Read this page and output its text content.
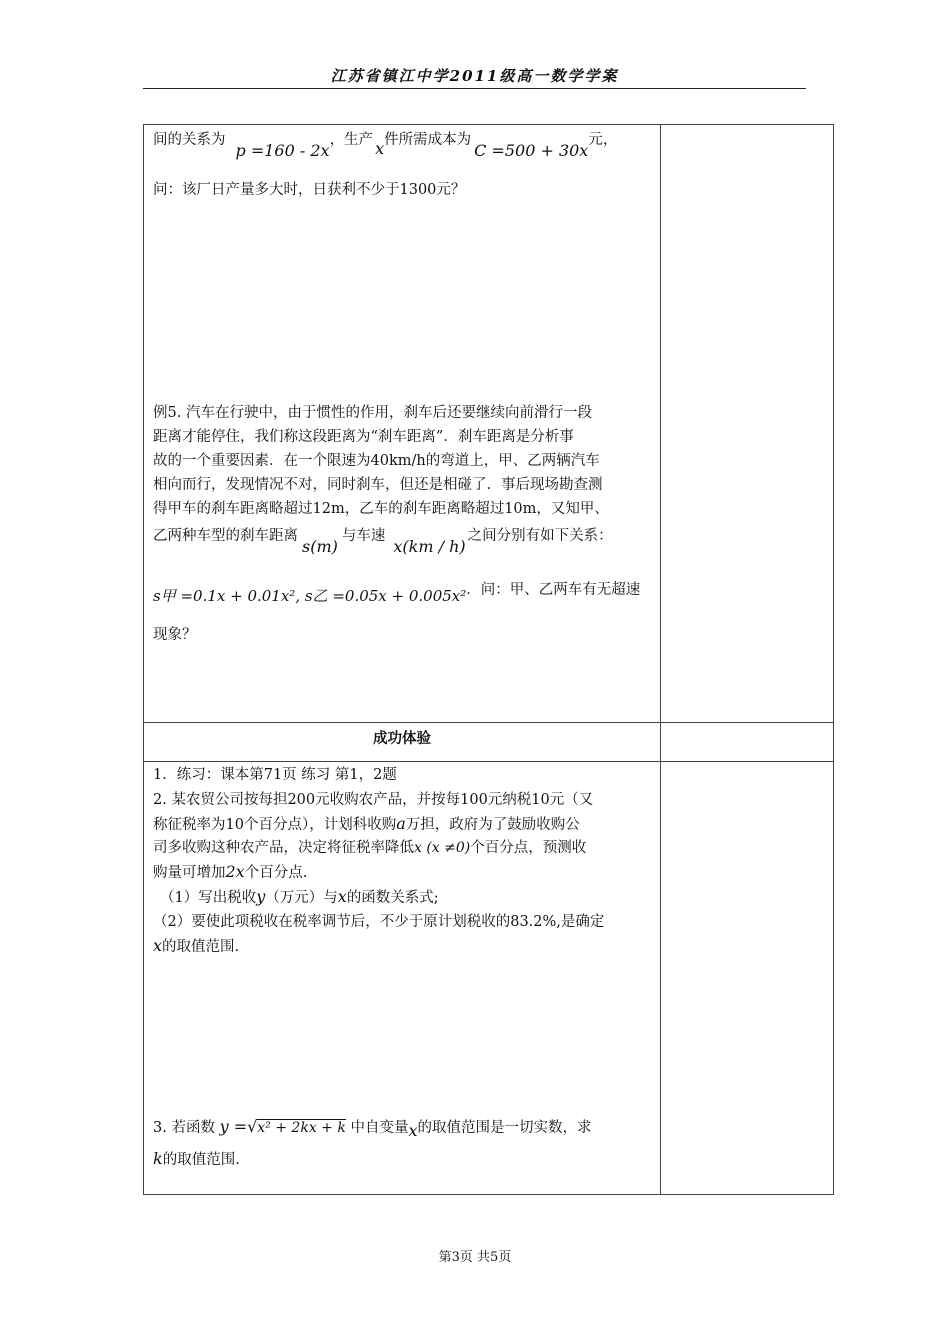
江苏省镇江中学2011级高一数学学案
间的关系为p =160 - 2x，生产 x件所需成本为C =500 + 30x元，
问：该厂日产量多大时，日获利不少于1300元？
例5. 汽车在行驶中，由于惯性的作用，刹车后还要继续向前滑行一段
距离才能停住，我们称这段距离为“刹车距离”．刹车距离是分析事
故的一个重要因素．在一个限速为40km/h的弯道上，甲、乙两辆汽车
相向而行，发现情况不对，同时刹车，但还是相碰了．事后现场勘查测
得甲车的刹车距离略超过12m，乙车的刹车距离略超过10m，又知甲、
乙两种车型的刹车距离s(m)与车速x(km / h)之间分别有如下关系：
s甲 =0.1x + 0.01x², s乙 =0.05x + 0.005x²．问：甲、乙两车有无超速
现象？
成功体验
1．练习：课本第71页 练习 第1，2题
2. 某农贸公司按每担200元收购农产品，并按每100元纳税10元（又
称征税率为10个百分点），计划科收购a万担，政府为了鼓励收购公
司多收购这种农产品，决定将征税率降低x (x ≠0)个百分点，预测收
购量可增加2x个百分点.
（1）写出税收y（万元）与x的函数关系式;
（2）要使此项税收在税率调节后，不少于原计划税收的83.2%,是确定
x的取值范围.
3. 若函数 y =√x² + 2kx + k 中自变量x的取值范围是一切实数，求
k的取值范围.
第3页 共5页
